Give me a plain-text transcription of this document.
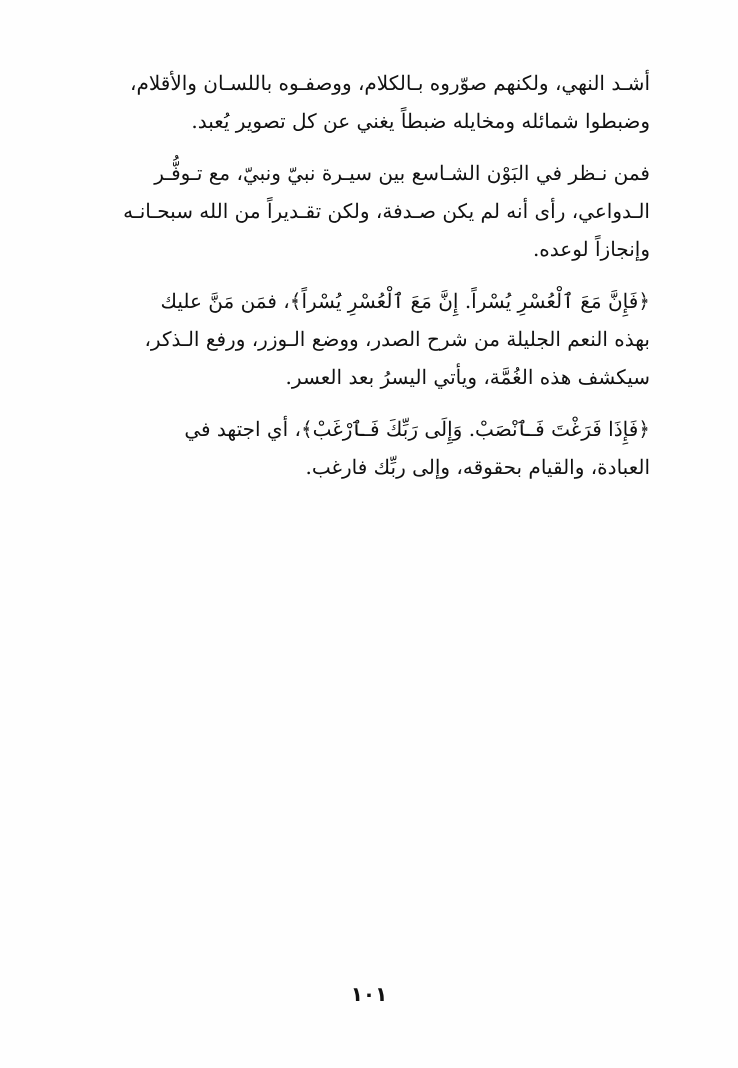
أشـد النهي، ولكنهم صوّروه بـالكلام، ووصفـوه باللسـان والأقلام،
وضبطوا شمائله ومخايله ضبطاً يغني عن كل تصوير يُعبد.

فمن نـظر في البَوْن الشـاسع بين سيـرة نبيّ ونبيّ، مع تـوفُّـر
الـدواعي، رأى أنه لم يكن صـدفة، ولكن تقـديراً من الله سبحـانـه
وإنجازاً لوعده.

﴿فَإِنَّ مَعَ ٱلْعُسْرِ يُسْراً. إِنَّ مَعَ ٱلْعُسْرِ يُسْراً﴾، فمَن مَنَّ عليك
بهذه النعم الجليلة من شرح الصدر، ووضع الـوزر، ورفع الـذكر،
سيكشف هذه الغُمَّة، ويأتي اليسرُ بعد العسر.

﴿فَإِذَا فَرَغْتَ فَـٱنْصَبْ. وَإِلَى رَبِّكَ فَـٱرْغَبْ﴾، أي اجتهد في
العبادة، والقيام بحقوقه، وإلى ربِّك فارغب.

١٠١
